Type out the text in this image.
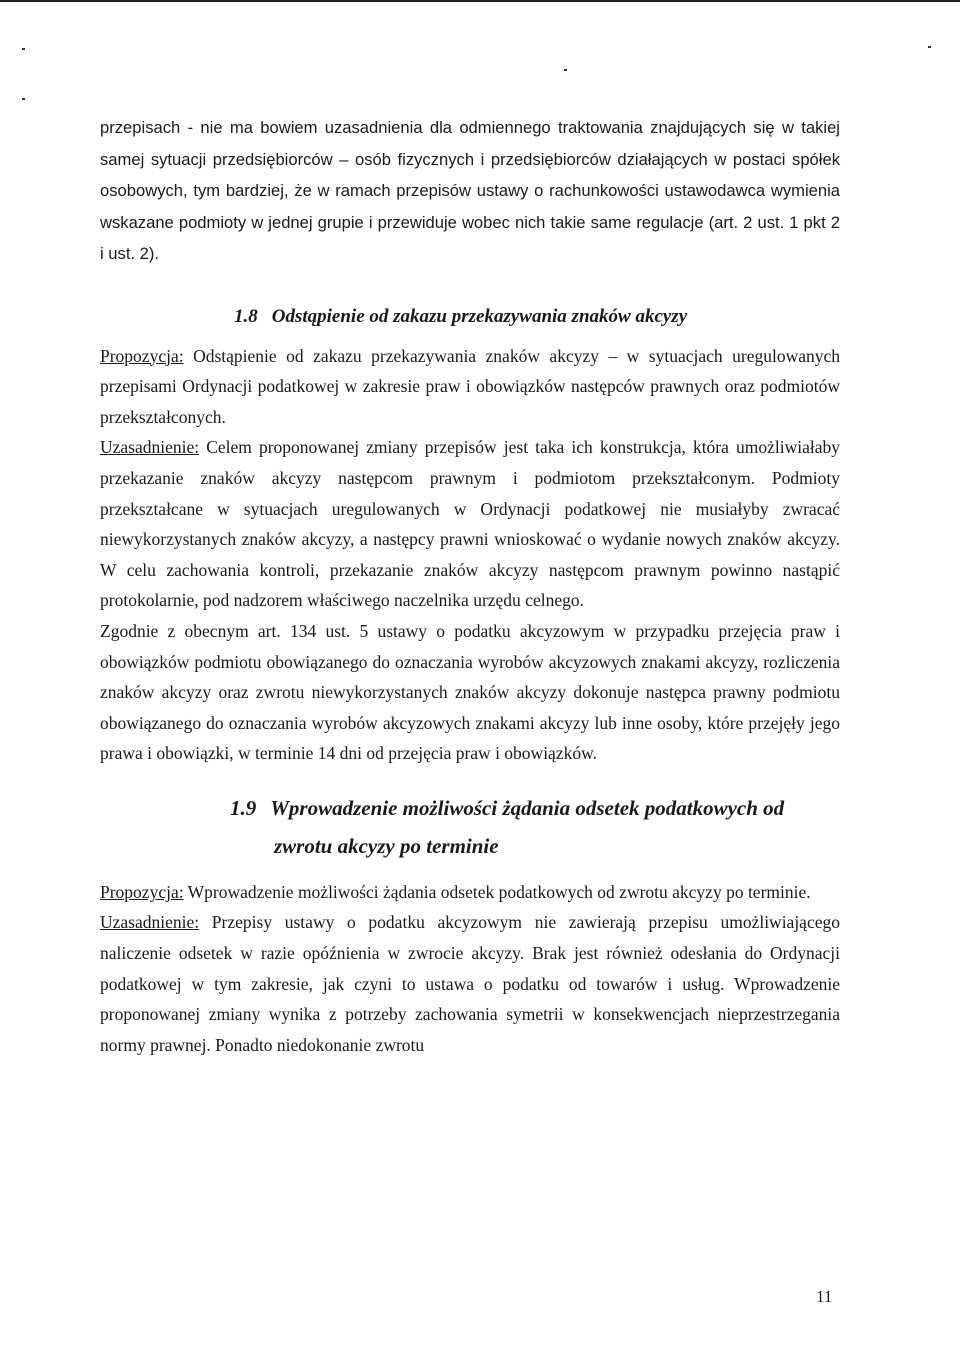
przepisach - nie ma bowiem uzasadnienia dla odmiennego traktowania znajdujących się w takiej samej sytuacji przedsiębiorców – osób fizycznych i przedsiębiorców działających w postaci spółek osobowych, tym bardziej, że w ramach przepisów ustawy o rachunkowości ustawodawca wymienia wskazane podmioty w jednej grupie i przewiduje wobec nich takie same regulacje (art. 2 ust. 1 pkt 2 i ust. 2).

1.8 Odstąpienie od zakazu przekazywania znaków akcyzy

Propozycja: Odstąpienie od zakazu przekazywania znaków akcyzy – w sytuacjach uregulowanych przepisami Ordynacji podatkowej w zakresie praw i obowiązków następców prawnych oraz podmiotów przekształconych.

Uzasadnienie: Celem proponowanej zmiany przepisów jest taka ich konstrukcja, która umożliwiałaby przekazanie znaków akcyzy następcom prawnym i podmiotom przekształconym. Podmioty przekształcane w sytuacjach uregulowanych w Ordynacji podatkowej nie musiałyby zwracać niewykorzystanych znaków akcyzy, a następcy prawni wnioskować o wydanie nowych znaków akcyzy. W celu zachowania kontroli, przekazanie znaków akcyzy następcom prawnym powinno nastąpić protokolarnie, pod nadzorem właściwego naczelnika urzędu celnego.

Zgodnie z obecnym art. 134 ust. 5 ustawy o podatku akcyzowym w przypadku przejęcia praw i obowiązków podmiotu obowiązanego do oznaczania wyrobów akcyzowych znakami akcyzy, rozliczenia znaków akcyzy oraz zwrotu niewykorzystanych znaków akcyzy dokonuje następca prawny podmiotu obowiązanego do oznaczania wyrobów akcyzowych znakami akcyzy lub inne osoby, które przejęły jego prawa i obowiązki, w terminie 14 dni od przejęcia praw i obowiązków.

1.9 Wprowadzenie możliwości żądania odsetek podatkowych od
zwrotu akcyzy po terminie

Propozycja: Wprowadzenie możliwości żądania odsetek podatkowych od zwrotu akcyzy po terminie.

Uzasadnienie: Przepisy ustawy o podatku akcyzowym nie zawierają przepisu umożliwiającego naliczenie odsetek w razie opóźnienia w zwrocie akcyzy. Brak jest również odesłania do Ordynacji podatkowej w tym zakresie, jak czyni to ustawa o podatku od towarów i usług. Wprowadzenie proponowanej zmiany wynika z potrzeby zachowania symetrii w konsekwencjach nieprzestrzegania normy prawnej. Ponadto niedokonanie zwrotu

11
